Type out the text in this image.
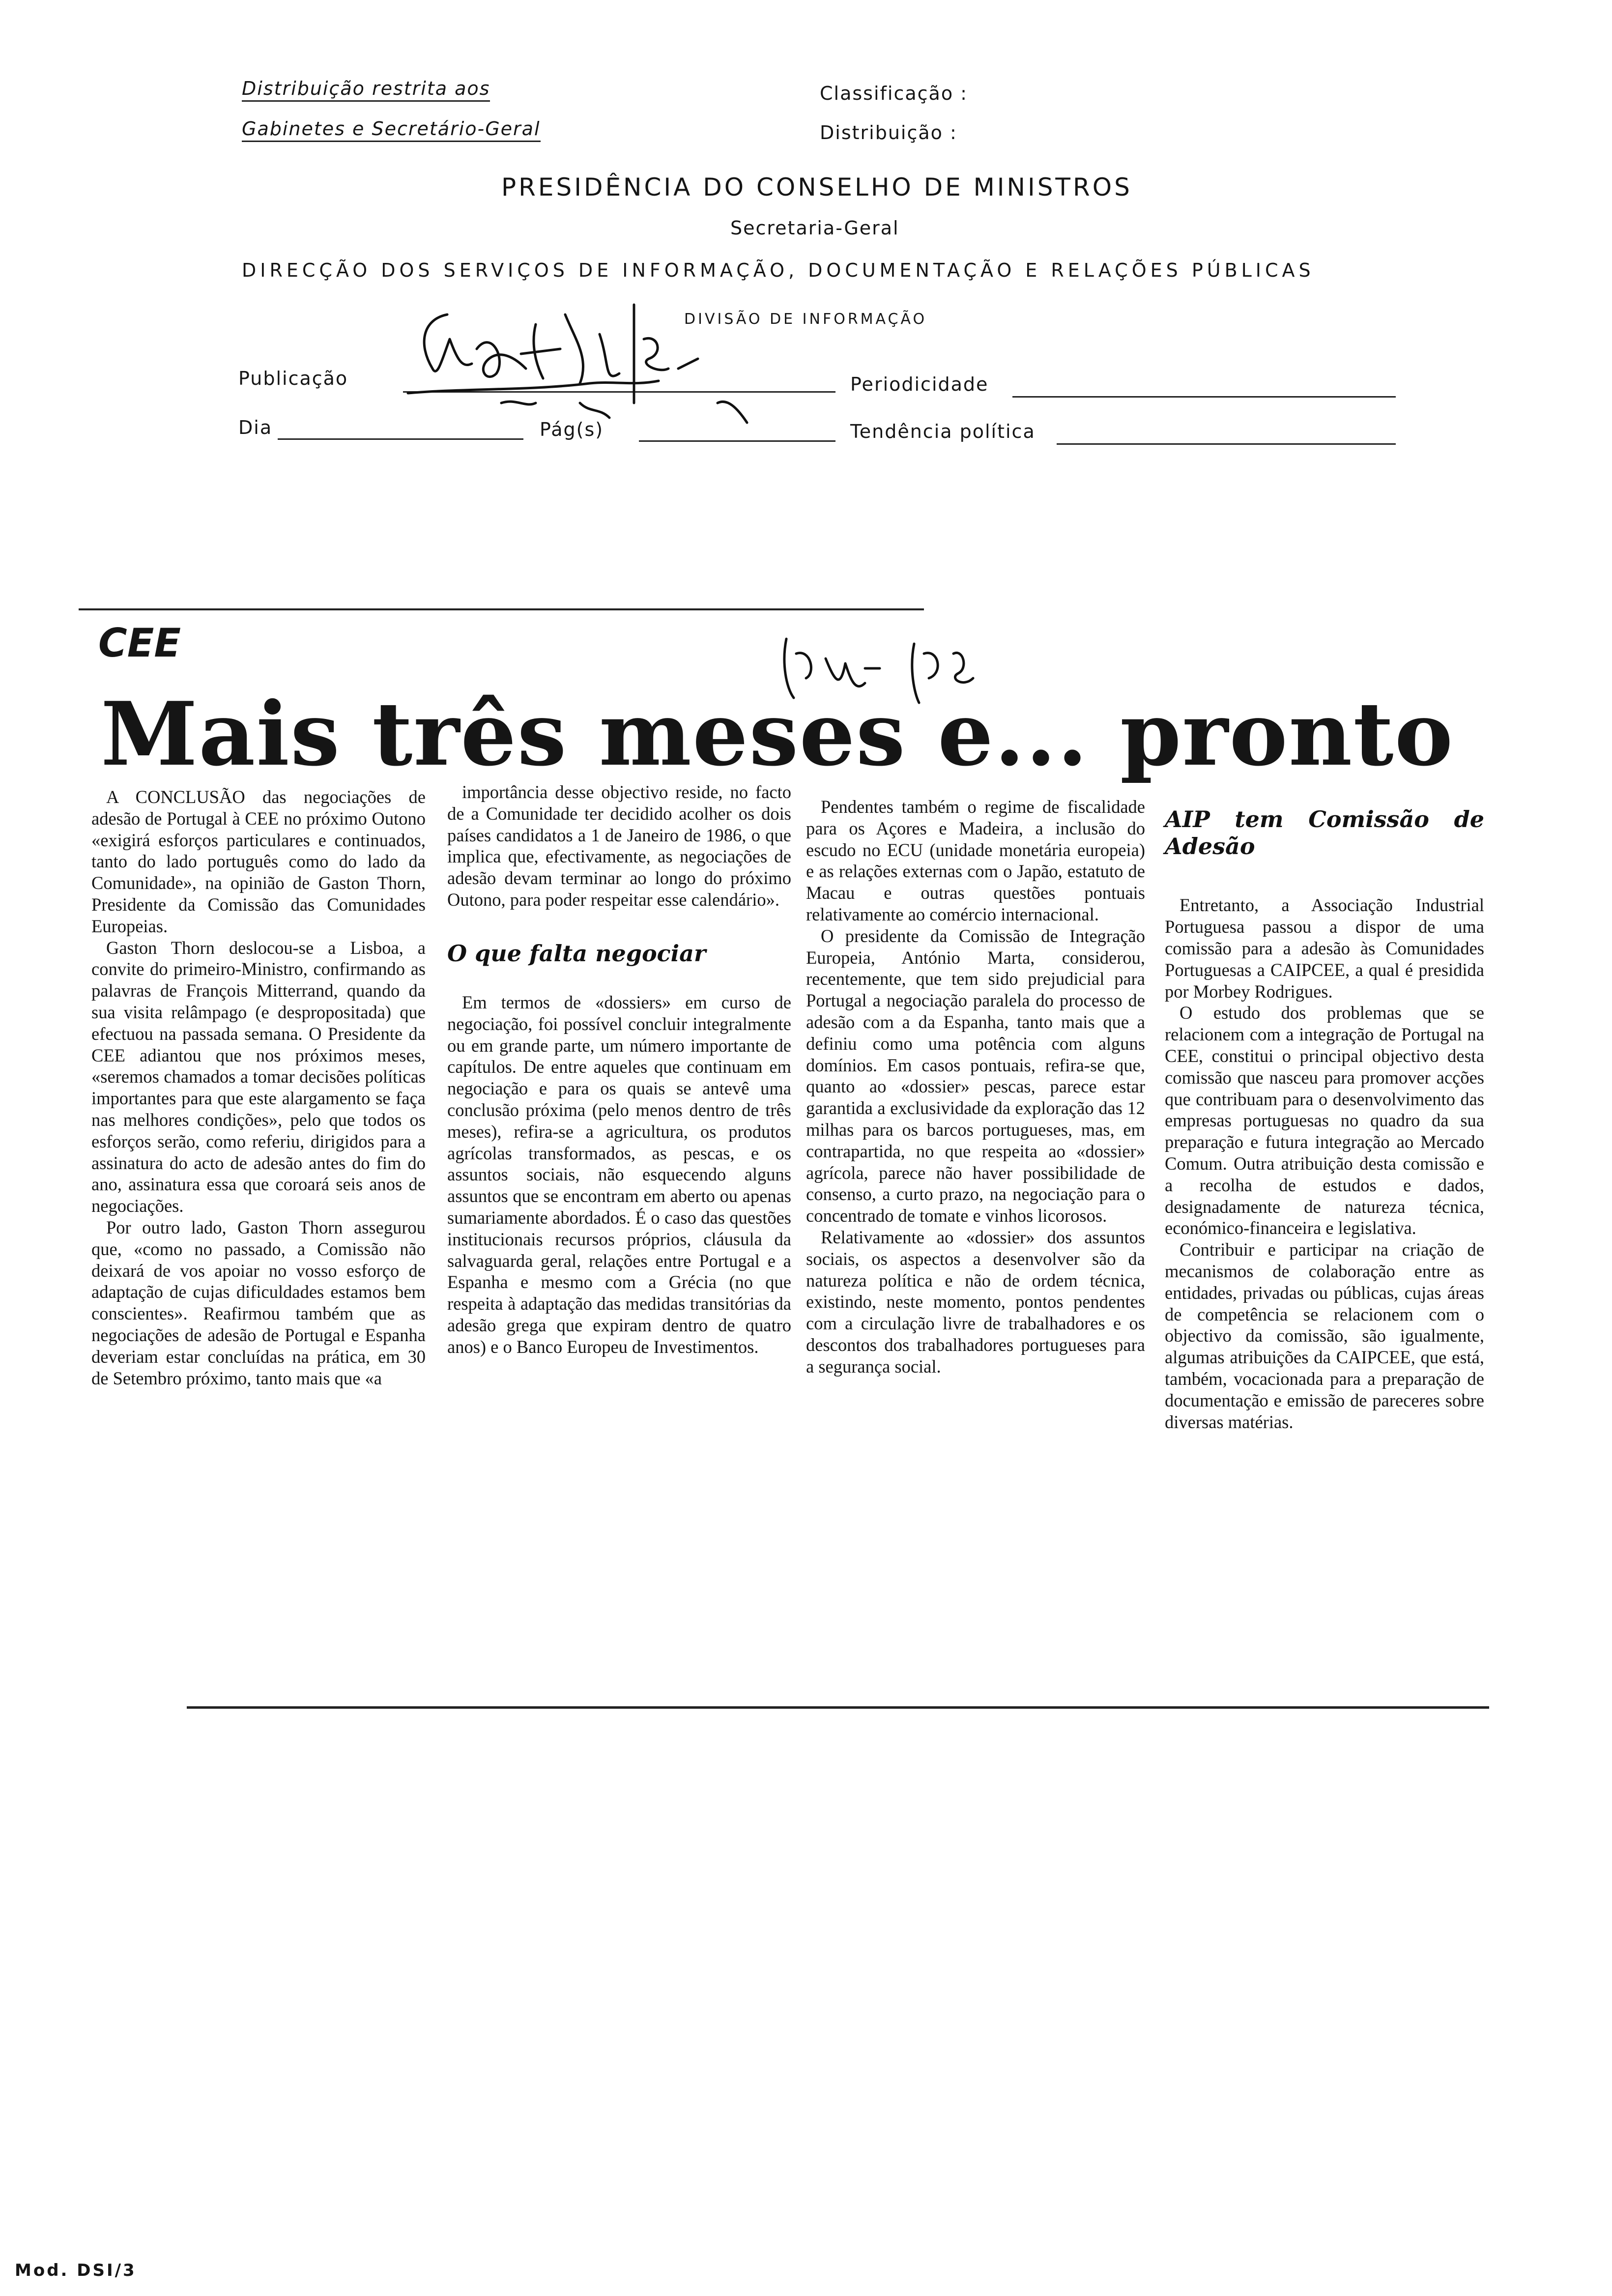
Distribuição restrita aos
Gabinetes e Secretário-Geral
Classificação :
Distribuição :
PRESIDÊNCIA DO CONSELHO DE MINISTROS
Secretaria-Geral
DIRECÇÃO DOS SERVIÇOS DE INFORMAÇÃO, DOCUMENTAÇÃO E RELAÇÕES PÚBLICAS
DIVISÃO DE INFORMAÇÃO
Publicação	Periodicidade
Dia	Pág(s)	Tendência política
CEE
Mais três meses e... pronto

A CONCLUSÃO das negociações de adesão de Portugal à CEE no próximo Outono «exigirá esforços particulares e continuados, tanto do lado português como do lado da Comunidade», na opinião de Gaston Thorn, Presidente da Comissão das Comunidades Europeias.

Gaston Thorn deslocou-se a Lisboa, a convite do primeiro-Ministro, confirmando as palavras de François Mitterrand, quando da sua visita relâmpago (e despropositada) que efectuou na passada semana. O Presidente da CEE adiantou que nos próximos meses, «seremos chamados a tomar decisões políticas importantes para que este alargamento se faça nas melhores condições», pelo que todos os esforços serão, como referiu, dirigidos para a assinatura do acto de adesão antes do fim do ano, assinatura essa que coroará seis anos de negociações.

Por outro lado, Gaston Thorn assegurou que, «como no passado, a Comissão não deixará de vos apoiar no vosso esforço de adaptação de cujas dificuldades estamos bem conscientes». Reafirmou também que as negociações de adesão de Portugal e Espanha deveriam estar concluídas na prática, em 30 de Setembro próximo, tanto mais que «a

importância desse objectivo reside, no facto de a Comunidade ter decidido acolher os dois países candidatos a 1 de Janeiro de 1986, o que implica que, efectivamente, as negociações de adesão devam terminar ao longo do próximo Outono, para poder respeitar esse calendário».

O que falta negociar

Em termos de «dossiers» em curso de negociação, foi possível concluir integralmente ou em grande parte, um número importante de capítulos. De entre aqueles que continuam em negociação e para os quais se antevê uma conclusão próxima (pelo menos dentro de três meses), refira-se a agricultura, os produtos agrícolas transformados, as pescas, e os assuntos sociais, não esquecendo alguns assuntos que se encontram em aberto ou apenas sumariamente abordados. É o caso das questões institucionais recursos próprios, cláusula da salvaguarda geral, relações entre Portugal e a Espanha e mesmo com a Grécia (no que respeita à adaptação das medidas transitórias da adesão grega que expiram dentro de quatro anos) e o Banco Europeu de Investimentos.

Pendentes também o regime de fiscalidade para os Açores e Madeira, a inclusão do escudo no ECU (unidade monetária europeia) e as relações externas com o Japão, estatuto de Macau e outras questões pontuais relativamente ao comércio internacional.

O presidente da Comissão de Integração Europeia, António Marta, considerou, recentemente, que tem sido prejudicial para Portugal a negociação paralela do processo de adesão com a da Espanha, tanto mais que a definiu como uma potência com alguns domínios. Em casos pontuais, refira-se que, quanto ao «dossier» pescas, parece estar garantida a exclusividade da exploração das 12 milhas para os barcos portugueses, mas, em contrapartida, no que respeita ao «dossier» agrícola, parece não haver possibilidade de consenso, a curto prazo, na negociação para o concentrado de tomate e vinhos licorosos.

Relativamente ao «dossier» dos assuntos sociais, os aspectos a desenvolver são da natureza política e não de ordem técnica, existindo, neste momento, pontos pendentes com a circulação livre de trabalhadores e os descontos dos trabalhadores portugueses para a segurança social.

AIP tem Comissão de Adesão

Entretanto, a Associação Industrial Portuguesa passou a dispor de uma comissão para a adesão às Comunidades Portuguesas a CAIPCEE, a qual é presidida por Morbey Rodrigues.

O estudo dos problemas que se relacionem com a integração de Portugal na CEE, constitui o principal objectivo desta comissão que nasceu para promover acções que contribuam para o desenvolvimento das empresas portuguesas no quadro da sua preparação e futura integração ao Mercado Comum. Outra atribuição desta comissão e a recolha de estudos e dados, designadamente de natureza técnica, económico-financeira e legislativa.

Contribuir e participar na criação de mecanismos de colaboração entre as entidades, privadas ou públicas, cujas áreas de competência se relacionem com o objectivo da comissão, são igualmente, algumas atribuições da CAIPCEE, que está, também, vocacionada para a preparação de documentação e emissão de pareceres sobre diversas matérias.

Mod. DSI/3
